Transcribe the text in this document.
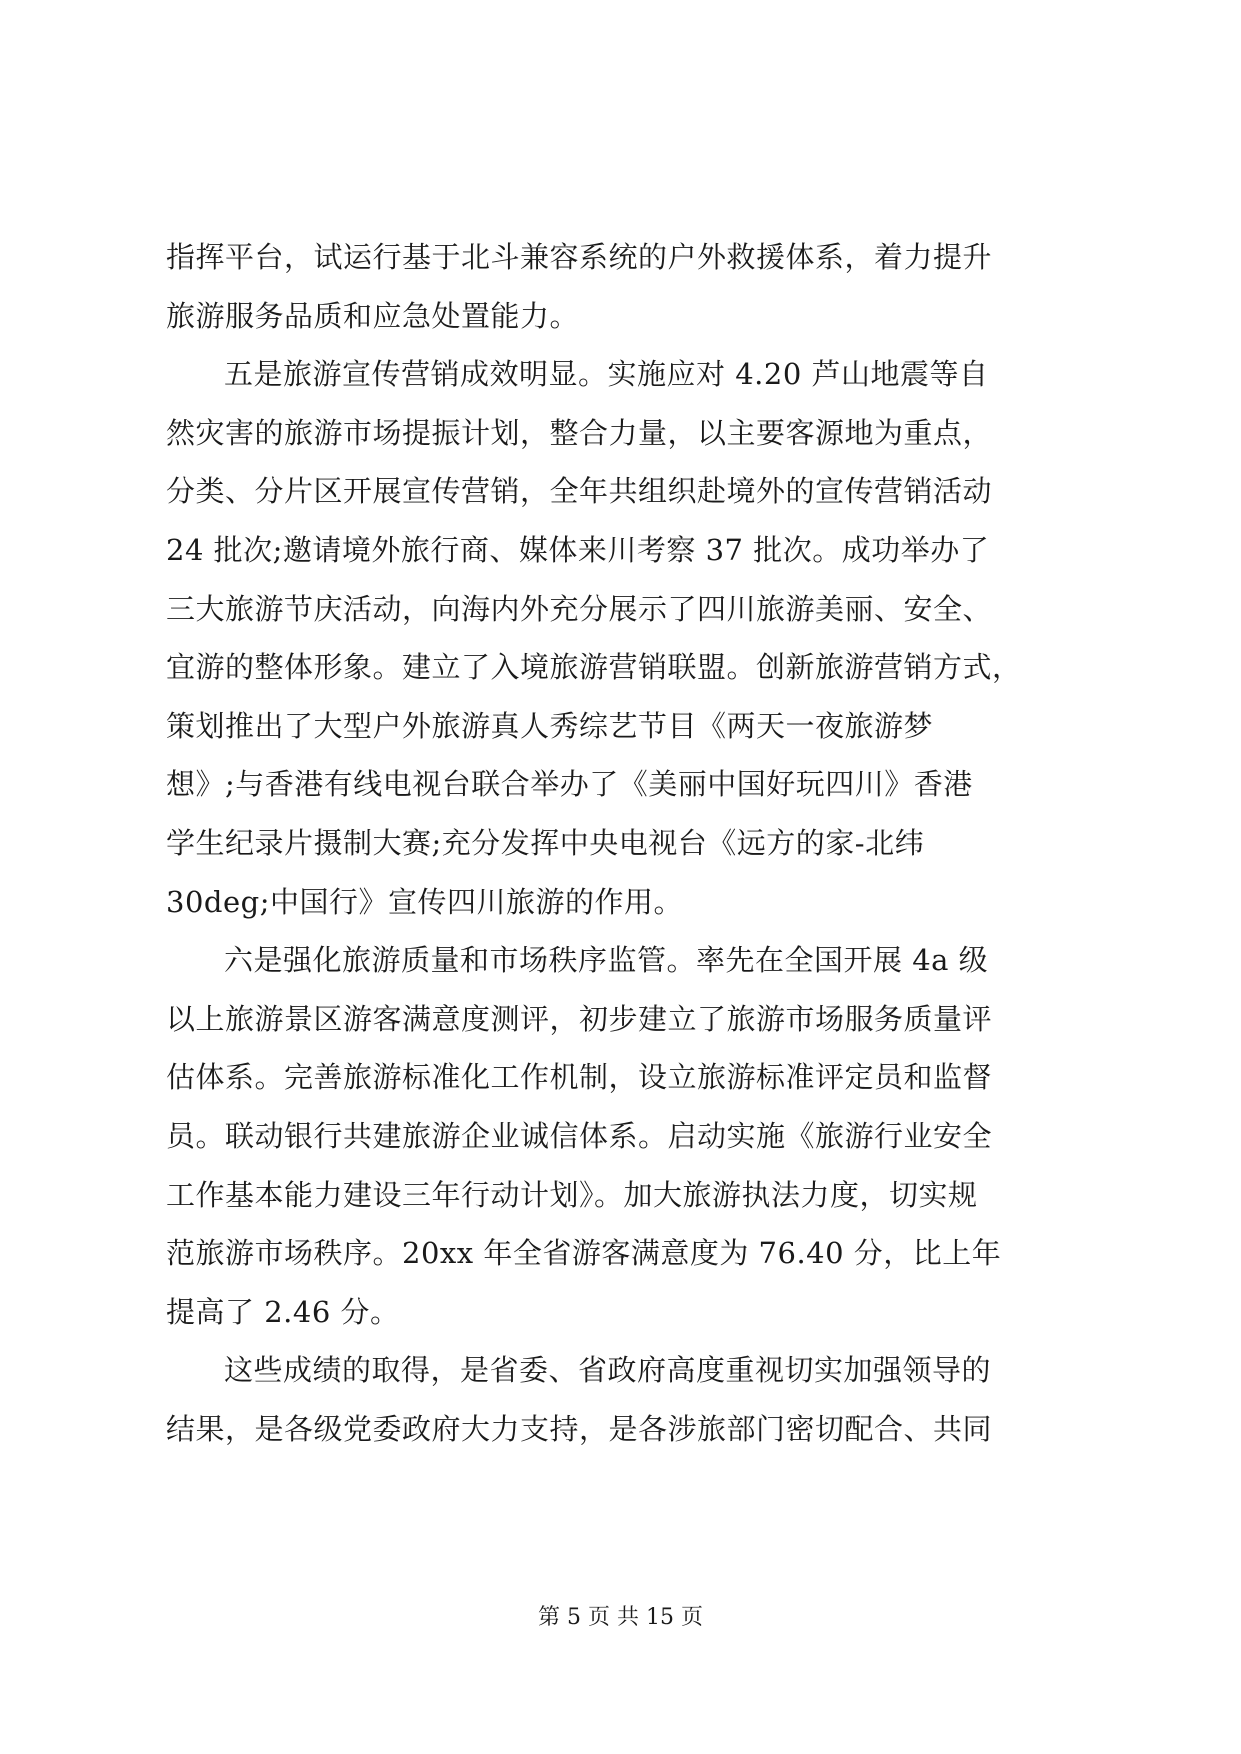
指挥平台，试运行基于北斗兼容系统的户外救援体系，着力提升
旅游服务品质和应急处置能力。
五是旅游宣传营销成效明显。实施应对 4.20 芦山地震等自
然灾害的旅游市场提振计划，整合力量，以主要客源地为重点，
分类、分片区开展宣传营销，全年共组织赴境外的宣传营销活动
24 批次;邀请境外旅行商、媒体来川考察 37 批次。成功举办了
三大旅游节庆活动，向海内外充分展示了四川旅游美丽、安全、
宜游的整体形象。建立了入境旅游营销联盟。创新旅游营销方式，
策划推出了大型户外旅游真人秀综艺节目《两天一夜旅游梦
想》;与香港有线电视台联合举办了《美丽中国好玩四川》香港
学生纪录片摄制大赛;充分发挥中央电视台《远方的家-北纬
30deg;中国行》宣传四川旅游的作用。
六是强化旅游质量和市场秩序监管。率先在全国开展 4a 级
以上旅游景区游客满意度测评，初步建立了旅游市场服务质量评
估体系。完善旅游标准化工作机制，设立旅游标准评定员和监督
员。联动银行共建旅游企业诚信体系。启动实施《旅游行业安全
工作基本能力建设三年行动计划》。加大旅游执法力度，切实规
范旅游市场秩序。20xx 年全省游客满意度为 76.40 分，比上年
提高了 2.46 分。
这些成绩的取得，是省委、省政府高度重视切实加强领导的
结果，是各级党委政府大力支持，是各涉旅部门密切配合、共同
第 5 页 共 15 页
